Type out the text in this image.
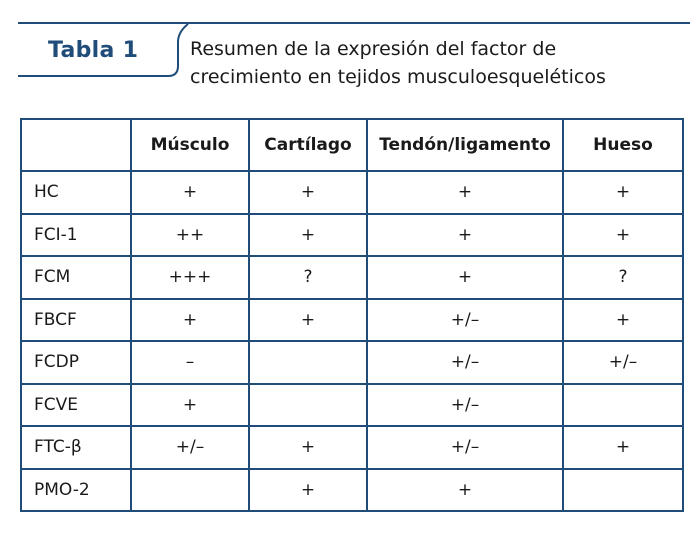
Tabla 1	Resumen de la expresión del factor de
crecimiento en tejidos musculoesqueléticos
	Músculo	Cartílago	Tendón/ligamento	Hueso
HC	+	+	+	+
FCI-1	++	+	+	+
FCM	+++	?	+	?
FBCF	+	+	+/–	+
FCDP	–		+/–	+/–
FCVE	+		+/–	
FTC-β	+/–	+	+/–	+
PMO-2		+	+	
